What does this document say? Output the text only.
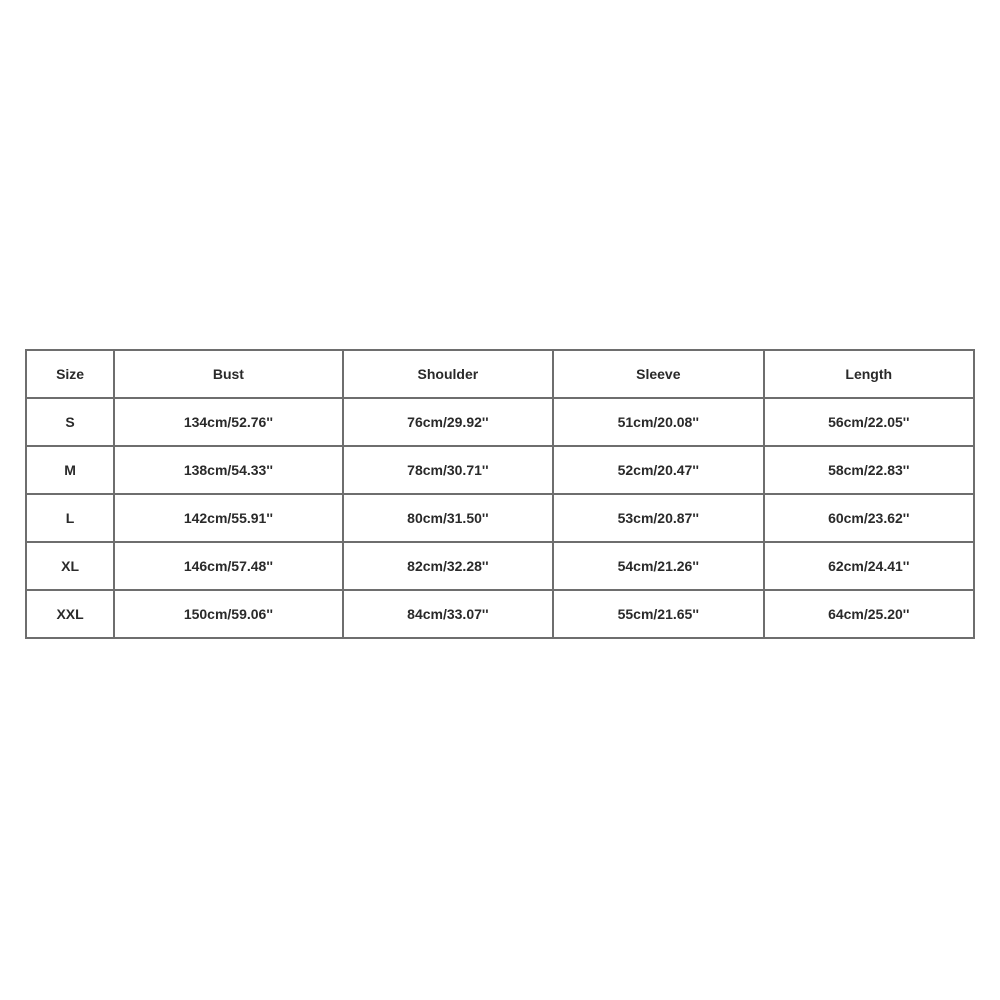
Size	Bust	Shoulder	Sleeve	Length
S	134cm/52.76''	76cm/29.92''	51cm/20.08''	56cm/22.05''
M	138cm/54.33''	78cm/30.71''	52cm/20.47''	58cm/22.83''
L	142cm/55.91''	80cm/31.50''	53cm/20.87''	60cm/23.62''
XL	146cm/57.48''	82cm/32.28''	54cm/21.26''	62cm/24.41''
XXL	150cm/59.06''	84cm/33.07''	55cm/21.65''	64cm/25.20''
